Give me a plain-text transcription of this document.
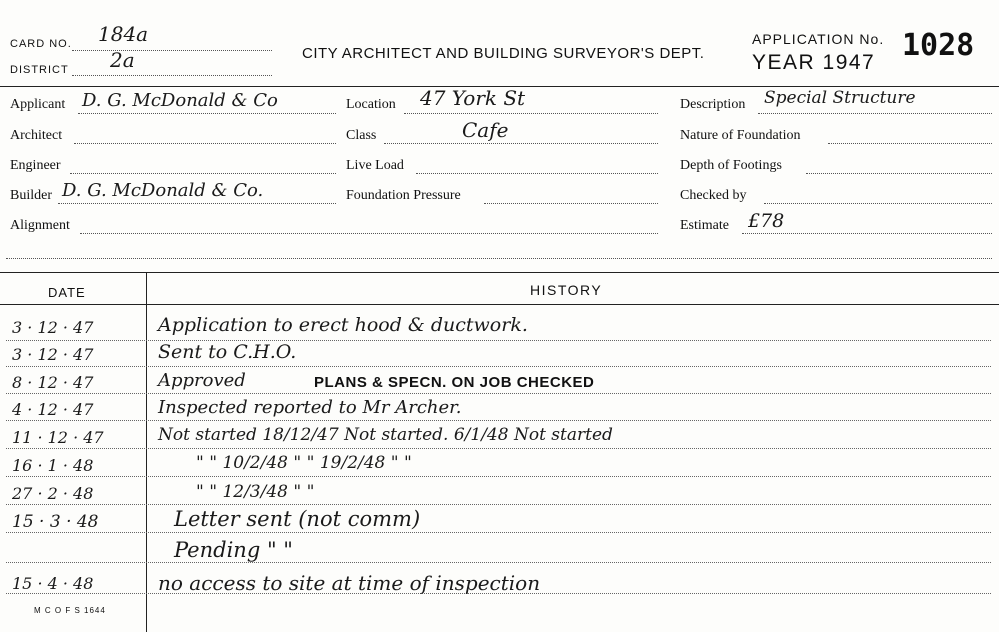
CARD NO. 184a
DISTRICT 2a	CITY ARCHITECT AND BUILDING SURVEYOR'S DEPT.
APPLICATION No. 1028
YEAR 1947
Applicant D. G. McDonald & Co
Architect
Engineer
Builder D. G. McDonald & Co.
Alignment
Location 47 York St
Class	Cafe
Live Load
Foundation Pressure
Description Special Structure
Nature of Foundation
Depth of Footings
Checked by
Estimate £78
DATE	HISTORY
3 · 12 · 47	Application to erect hood & ductwork.
3 · 12 · 47	Sent to C.H.O.
8 · 12 · 47	Approved	PLANS & SPECN. ON JOB CHECKED
4 · 12 · 47	Inspected reported to Mr Archer.
11 · 12 · 47	Not started 18/12/47 Not started. 6/1/48 Not started
16 · 1 · 48	" " 10/2/48 " " 19/2/48 " "
27 · 2 · 48	" " 12/3/48 " "
15 · 3 · 48	Letter sent (not comm)
Pending " "
15 · 4 · 48	no access to site at time of inspection
M C O F S 1644
